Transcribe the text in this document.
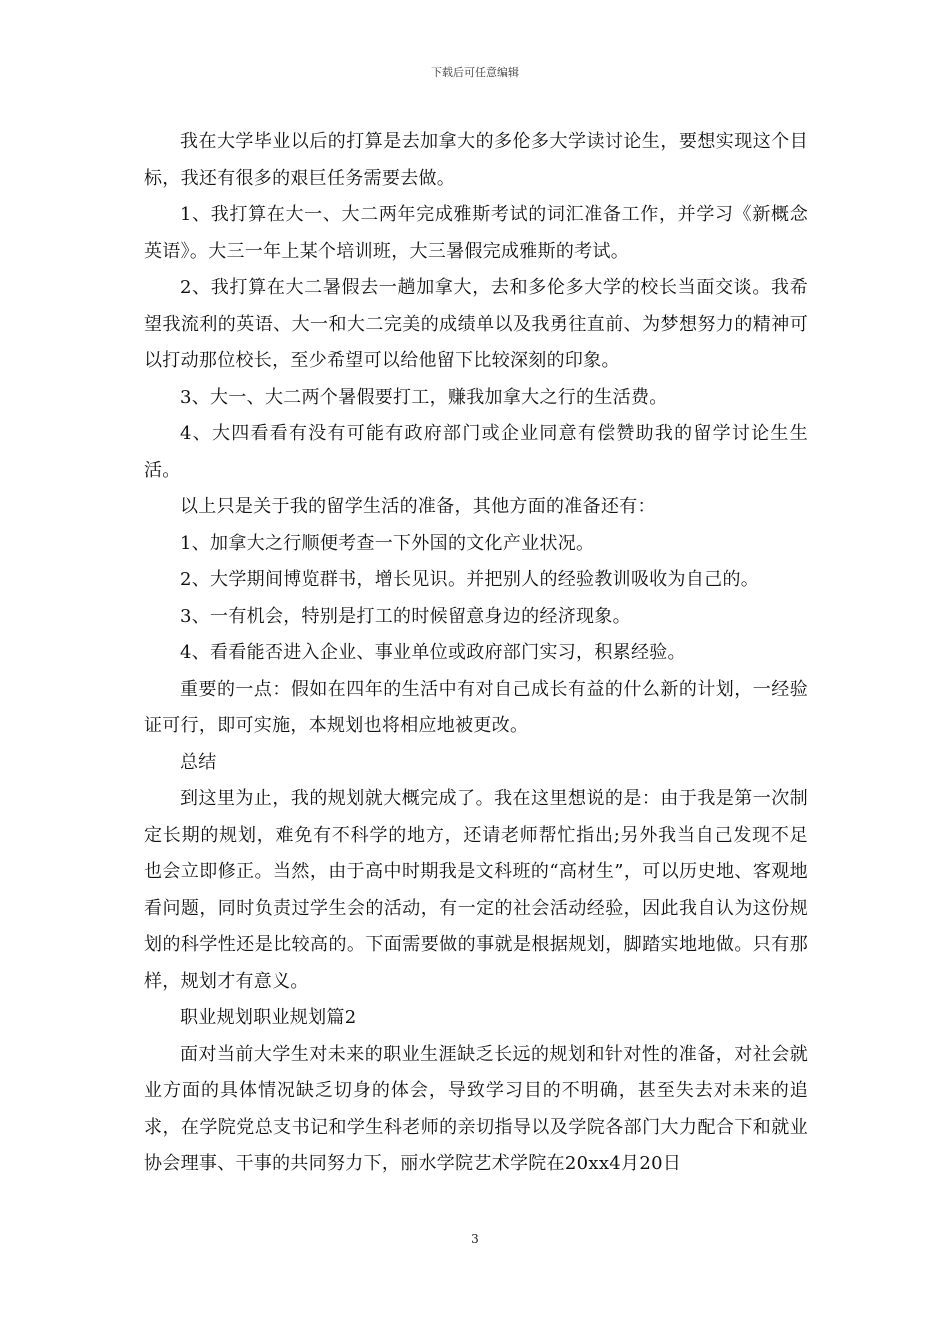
下载后可任意编辑

我在大学毕业以后的打算是去加拿大的多伦多大学读讨论生，要想实现这个目标，我还有很多的艰巨任务需要去做。

1、我打算在大一、大二两年完成雅斯考试的词汇准备工作，并学习《新概念英语》。大三一年上某个培训班，大三暑假完成雅斯的考试。

2、我打算在大二暑假去一趟加拿大，去和多伦多大学的校长当面交谈。我希望我流利的英语、大一和大二完美的成绩单以及我勇往直前、为梦想努力的精神可以打动那位校长，至少希望可以给他留下比较深刻的印象。

3、大一、大二两个暑假要打工，赚我加拿大之行的生活费。

4、大四看看有没有可能有政府部门或企业同意有偿赞助我的留学讨论生生活。

以上只是关于我的留学生活的准备，其他方面的准备还有：

1、加拿大之行顺便考查一下外国的文化产业状况。

2、大学期间博览群书，增长见识。并把别人的经验教训吸收为自己的。

3、一有机会，特别是打工的时候留意身边的经济现象。

4、看看能否进入企业、事业单位或政府部门实习，积累经验。

重要的一点：假如在四年的生活中有对自己成长有益的什么新的计划，一经验证可行，即可实施，本规划也将相应地被更改。

总结

到这里为止，我的规划就大概完成了。我在这里想说的是：由于我是第一次制定长期的规划，难免有不科学的地方，还请老师帮忙指出;另外我当自己发现不足也会立即修正。当然，由于高中时期我是文科班的“高材生”，可以历史地、客观地看问题，同时负责过学生会的活动，有一定的社会活动经验，因此我自认为这份规划的科学性还是比较高的。下面需要做的事就是根据规划，脚踏实地地做。只有那样，规划才有意义。

职业规划职业规划篇2

面对当前大学生对未来的职业生涯缺乏长远的规划和针对性的准备，对社会就业方面的具体情况缺乏切身的体会，导致学习目的不明确，甚至失去对未来的追求，在学院党总支书记和学生科老师的亲切指导以及学院各部门大力配合下和就业协会理事、干事的共同努力下，丽水学院艺术学院在20xx4月20日

3
